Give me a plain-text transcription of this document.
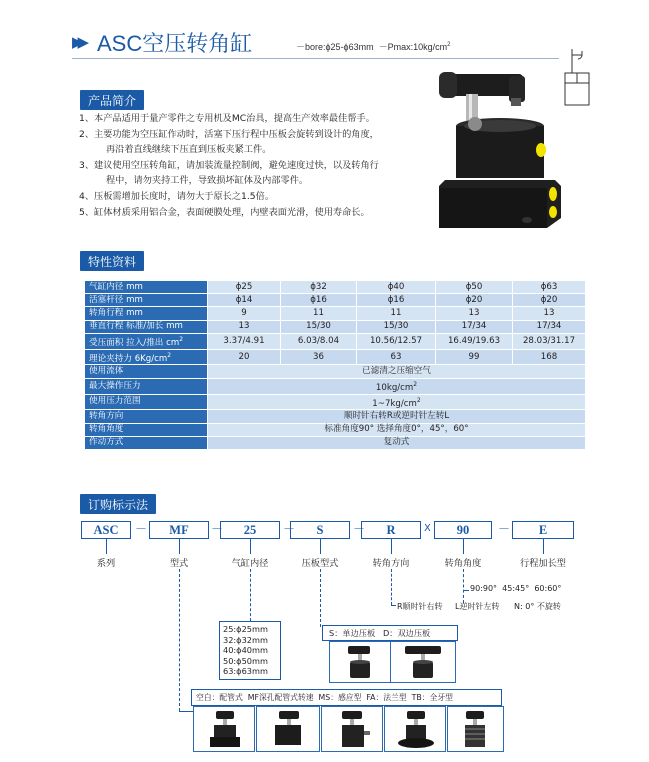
▶▶ ASC空压转角缸	－bore:ϕ25-ϕ63mm $-Pmax:10kg/cm^2$
产品简介
1、本产品适用于量产零件之专用机及MC治具，提高生产效率最佳帮手。
2、主要功能为空压缸作动时，活塞下压行程中压板会旋转到设计的角度，
再沿着直线继续下压直到压板夹紧工件。
3、建议使用空压转角缸，请加装流量控制阀，避免速度过快，以及转角行
程中，请勿夹持工件，导致损坏缸体及内部零件。
4、压板需增加长度时，请勿大于原长之1.5倍。
5、缸体材质采用铝合金，表面硬膜处理，内壁表面光滑，使用寿命长。
特性资料
气缸内径 mm	ϕ25	ϕ32	ϕ40	ϕ50	ϕ63
活塞杆径 mm	ϕ14	ϕ16	ϕ16	ϕ20	ϕ20
转角行程 mm	9	11	11	13	13
垂直行程 标准/加长 mm	13	15/30	15/30	17/34	17/34
受压面积 拉入/推出 $cm^2$	3.37/4.91	6.03/8.04	10.56/12.57	16.49/19.63	28.03/31.17
理论夹持力 $6Kg/cm^2$	20	36	63	99	168
使用流体	已滤清之压缩空气				
最大操作压力	$10kg/cm^2$
使用压力范围	$1\sim 7kg/cm^2$
转角方向	顺时针右转R或逆时针左转L				
转角角度	标准角度90° 选择角度0°，45°，60°				
作动方式	复动式				
订购标示法
ASC	－	MF	－	25	－	S	－	R	X	90	－	E
系列	型式	气缸内径	压板型式	转角方向	转角角度	行程加长型
90:90° 45:45° 60:60°
R顺时针右转 L逆时针左转 N: 0° 不旋转
25:ϕ25mm
32:ϕ32mm
40:ϕ40mm
50:ϕ50mm
63:ϕ63mm
S：单边压板 D：双边压板
空白：配管式 MF深孔配管式转速 MS：感应型 FA：法兰型 TB：全牙型
